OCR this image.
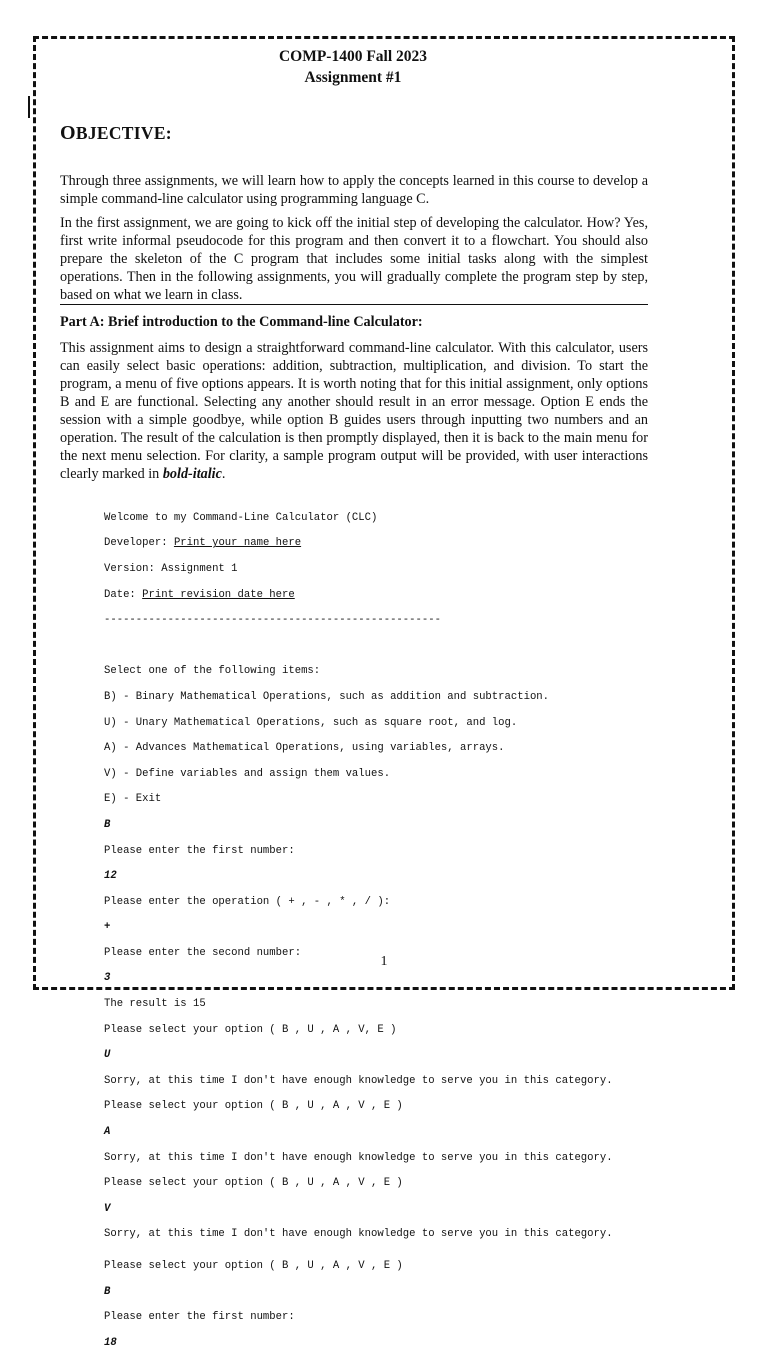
COMP-1400 Fall 2023
Assignment #1
OBJECTIVE:

Through three assignments, we will learn how to apply the concepts learned in this course to develop a simple command-line calculator using programming language C.

In the first assignment, we are going to kick off the initial step of developing the calculator. How? Yes, first write informal pseudocode for this program and then convert it to a flowchart. You should also prepare the skeleton of the C program that includes some initial tasks along with the simplest operations. Then in the following assignments, you will gradually complete the program step by step, based on what we learn in class.

Part A: Brief introduction to the Command-line Calculator:

This assignment aims to design a straightforward command-line calculator. With this calculator, users can easily select basic operations: addition, subtraction, multiplication, and division. To start the program, a menu of five options appears. It is worth noting that for this initial assignment, only options B and E are functional. Selecting any another should result in an error message. Option E ends the session with a simple goodbye, while option B guides users through inputting two numbers and an operation. The result of the calculation is then promptly displayed, then it is back to the main menu for the next menu selection. For clarity, a sample program output will be provided, with user interactions clearly marked in bold-italic.

Welcome to my Command-Line Calculator (CLC)

Developer: Print your name here

Version: Assignment 1

Date: Print revision date here

-----------------------------------------------------

Select one of the following items:

B) - Binary Mathematical Operations, such as addition and subtraction.

U) - Unary Mathematical Operations, such as square root, and log.

A) - Advances Mathematical Operations, using variables, arrays.

V) - Define variables and assign them values.

E) - Exit

B

Please enter the first number:

12

Please enter the operation ( + , - , * , / ):

+

Please enter the second number:

3

The result is 15

Please select your option ( B , U , A , V, E )

U

Sorry, at this time I don't have enough knowledge to serve you in this category.

Please select your option ( B , U , A , V , E )

A

Sorry, at this time I don't have enough knowledge to serve you in this category.

Please select your option ( B , U , A , V , E )

V

Sorry, at this time I don't have enough knowledge to serve you in this category.

Please select your option ( B , U , A , V , E )

B

Please enter the first number:

18

1
